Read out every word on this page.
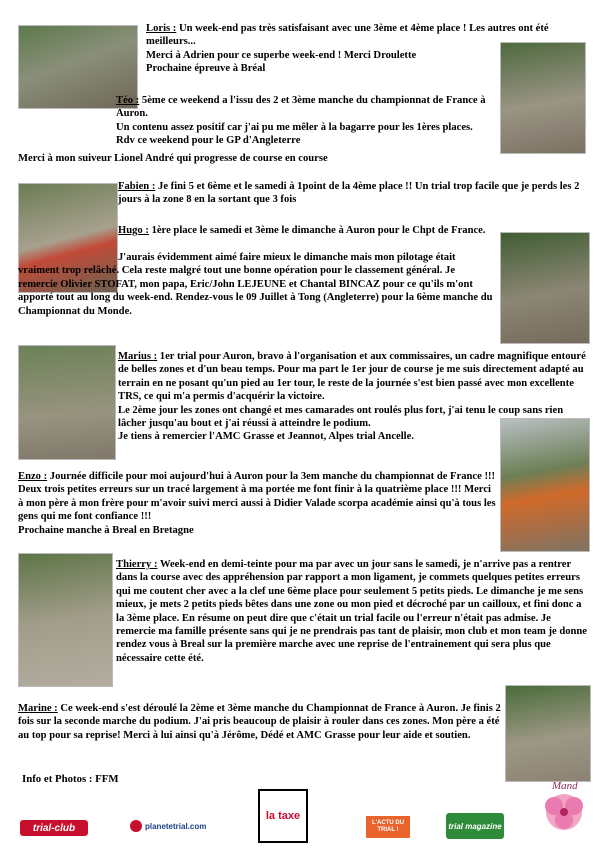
Loris : Un week-end pas très satisfaisant avec une 3ème et 4ème place ! Les autres ont été meilleurs...
Merci à Adrien pour ce superbe week-end ! Merci Droulette
Prochaine épreuve à Bréal
Téo : 5ème ce weekend a l'issu des 2 et 3ème manche du championnat de France à Auron.
Un contenu assez positif car j'ai pu me mêler à la bagarre pour les 1ères places. Rdv ce weekend pour le GP d'Angleterre
Merci à mon suiveur Lionel André qui progresse de course en course
Fabien : Je fini 5 et 6ème et le samedi à 1point de la 4ème place !! Un trial trop facile que je perds les 2 jours à la zone 8 en la sortant que 3 fois
Hugo : 1ère place le samedi et 3ème le dimanche à Auron pour le Chpt de France.
J'aurais évidemment aimé faire mieux le dimanche mais mon pilotage était vraiment trop relâché. Cela reste malgré tout une bonne opération pour le classement général. Je remercie Olivier STOFAT, mon papa, Eric/John LEJEUNE et Chantal BINCAZ pour ce qu'ils m'ont apporté tout au long du week-end. Rendez-vous le 09 Juillet à Tong (Angleterre) pour la 6ème manche du Championnat du Monde.
Marius : 1er trial pour Auron, bravo à l'organisation et aux commissaires, un cadre magnifique entouré de belles zones et d'un beau temps. Pour ma part le 1er jour de course je me suis directement adapté au terrain en ne posant qu'un pied au 1er tour, le reste de la journée s'est bien passé avec mon excellente TRS, ce qui m'a permis d'acquérir la victoire.
Le 2ème jour les zones ont changé et mes camarades ont roulés plus fort, j'ai tenu le coup sans rien lâcher jusqu'au bout et j'ai réussi à atteindre le podium.
Je tiens à remercier l'AMC Grasse et Jeannot, Alpes trial Ancelle.
Enzo : Journée difficile pour moi aujourd'hui à Auron pour la 3em manche du championnat de France !!! Deux trois petites erreurs sur un tracé largement à ma portée me font finir à la quatrième place !!! Merci à mon père à mon frère pour m'avoir suivi merci aussi à Didier Valade scorpa académie ainsi qu'à tous les gens qui me font confiance !!!
Prochaine manche à Breal en Bretagne
Thierry : Week-end en demi-teinte pour ma par avec un jour sans le samedi, je n'arrive pas a rentrer dans la course avec des appréhension par rapport a mon ligament, je commets quelques petites erreurs qui me coutent cher avec a la clef une 6ème place pour seulement 5 petits pieds. Le dimanche je me sens mieux, je mets 2 petits pieds bêtes dans une zone ou mon pied et décroché par un cailloux, et fini donc a la 3ème place. En résume on peut dire que c'était un trial facile ou l'erreur n'était pas admise. Je remercie ma famille présente sans qui je ne prendrais pas tant de plaisir, mon club et mon team je donne rendez vous à Breal sur la première marche avec une reprise de l'entrainement qui sera plus que nécessaire cette été.
Marine : Ce week-end s'est déroulé la 2ème et 3ème manche du Championnat de France à Auron. Je finis 2 fois sur la seconde marche du podium. J'ai pris beaucoup de plaisir à rouler dans ces zones. Mon père a été au top pour sa reprise! Merci à lui ainsi qu'à Jérôme, Dédé et AMC Grasse pour leur aide et soutien.
Info et Photos : FFM
trial-club	planetetrial.com
la taxe
L'ACTU DU TRIAL !	trial magazine
Mand
